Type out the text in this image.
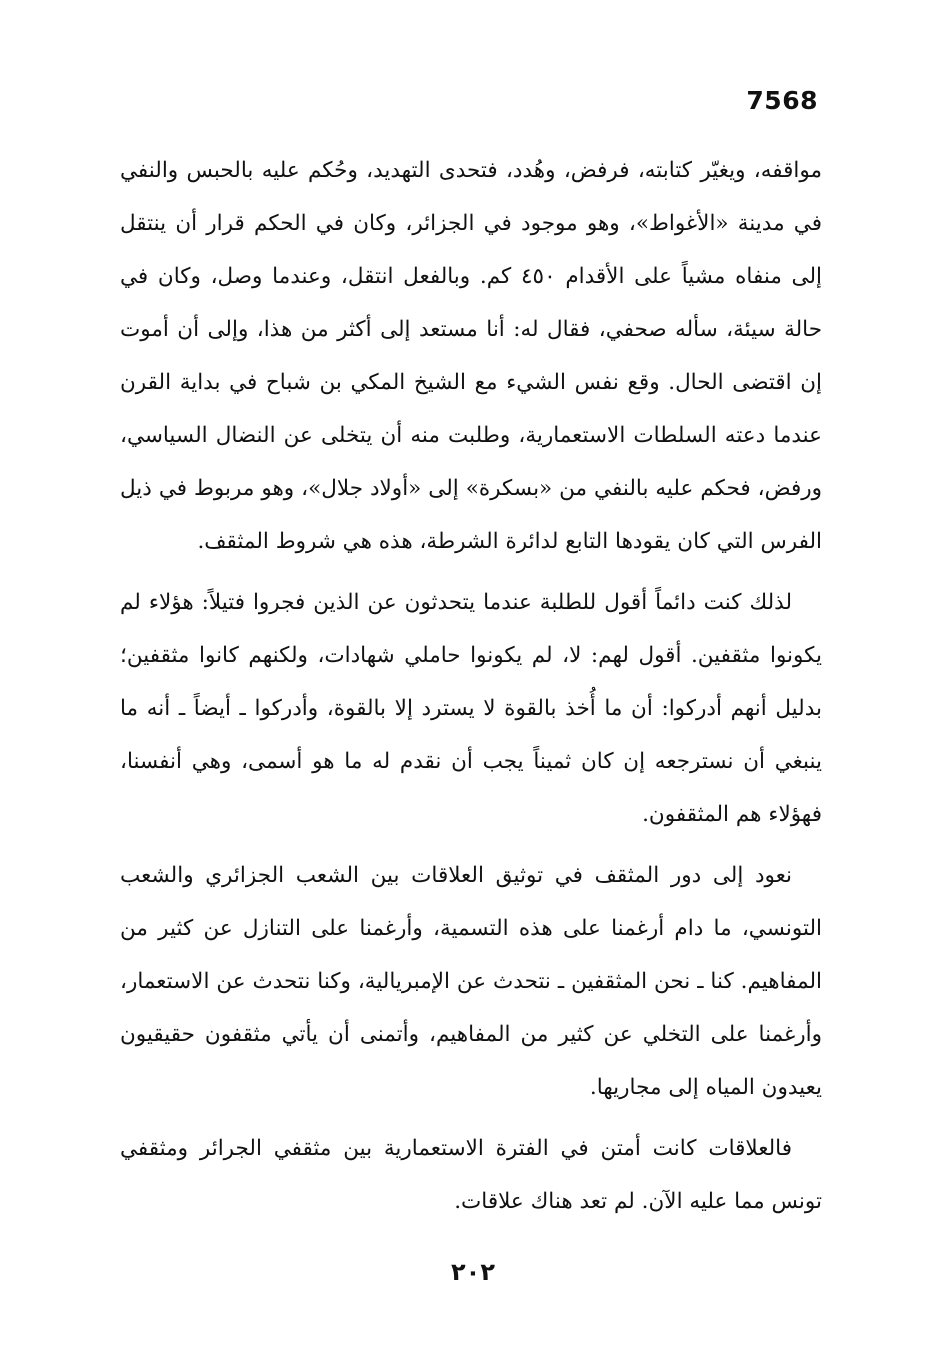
7568

مواقفه، ويغيّر كتابته، فرفض، وهُدد، فتحدى التهديد، وحُكم عليه بالحبس والنفي في مدينة «الأغواط»، وهو موجود في الجزائر، وكان في الحكم قرار أن ينتقل إلى منفاه مشياً على الأقدام ٤٥٠ كم. وبالفعل انتقل، وعندما وصل، وكان في حالة سيئة، سأله صحفي، فقال له: أنا مستعد إلى أكثر من هذا، وإلى أن أموت إن اقتضى الحال. وقع نفس الشيء مع الشيخ المكي بن شباح في بداية القرن عندما دعته السلطات الاستعمارية، وطلبت منه أن يتخلى عن النضال السياسي، ورفض، فحكم عليه بالنفي من «بسكرة» إلى «أولاد جلال»، وهو مربوط في ذيل الفرس التي كان يقودها التابع لدائرة الشرطة، هذه هي شروط المثقف.

لذلك كنت دائماً أقول للطلبة عندما يتحدثون عن الذين فجروا فتيلاً: هؤلاء لم يكونوا مثقفين. أقول لهم: لا، لم يكونوا حاملي شهادات، ولكنهم كانوا مثقفين؛ بدليل أنهم أدركوا: أن ما أُخذ بالقوة لا يسترد إلا بالقوة، وأدركوا ـ أيضاً ـ أنه ما ينبغي أن نسترجعه إن كان ثميناً يجب أن نقدم له ما هو أسمى، وهي أنفسنا، فهؤلاء هم المثقفون.

نعود إلى دور المثقف في توثيق العلاقات بين الشعب الجزائري والشعب التونسي، ما دام أرغمنا على هذه التسمية، وأرغمنا على التنازل عن كثير من المفاهيم. كنا ـ نحن المثقفين ـ نتحدث عن الإمبريالية، وكنا نتحدث عن الاستعمار، وأرغمنا على التخلي عن كثير من المفاهيم، وأتمنى أن يأتي مثقفون حقيقيون يعيدون المياه إلى مجاريها.

فالعلاقات كانت أمتن في الفترة الاستعمارية بين مثقفي الجرائر ومثقفي تونس مما عليه الآن. لم تعد هناك علاقات.

٢٠٢
